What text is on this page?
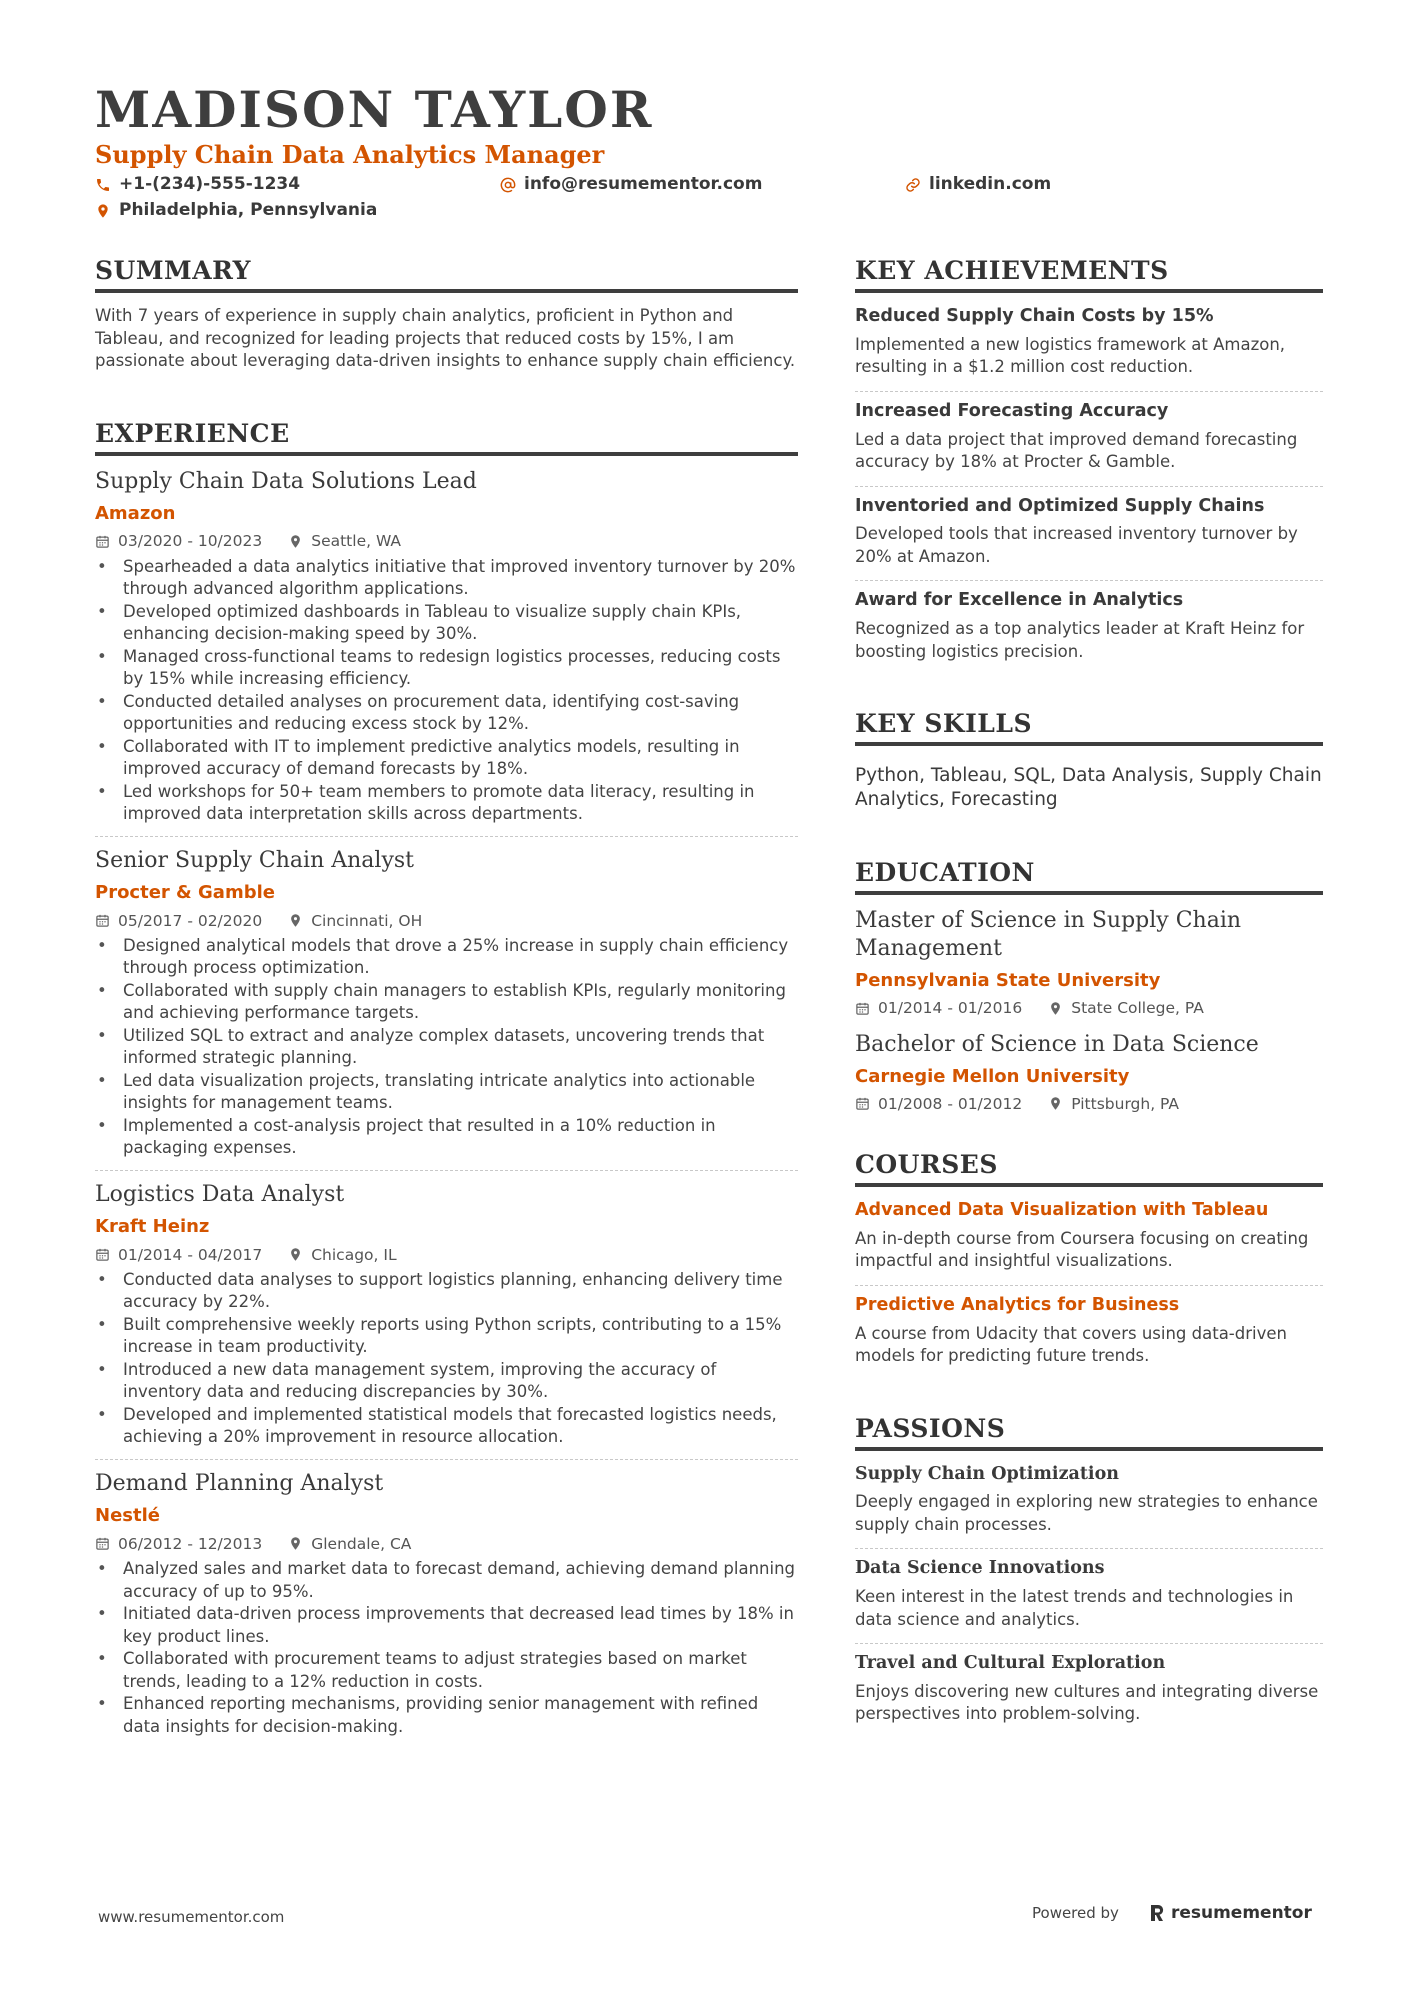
MADISON TAYLOR
Supply Chain Data Analytics Manager
+1-(234)-555-1234	info@resumementor.com	linkedin.com
Philadelphia, Pennsylvania
SUMMARY
With 7 years of experience in supply chain analytics, proficient in Python and Tableau, and recognized for leading projects that reduced costs by 15%, I am passionate about leveraging data-driven insights to enhance supply chain efficiency.
EXPERIENCE
Supply Chain Data Solutions Lead
Amazon
03/2020 - 10/2023	Seattle, WA
• Spearheaded a data analytics initiative that improved inventory turnover by 20% through advanced algorithm applications.
• Developed optimized dashboards in Tableau to visualize supply chain KPIs, enhancing decision-making speed by 30%.
• Managed cross-functional teams to redesign logistics processes, reducing costs by 15% while increasing efficiency.
• Conducted detailed analyses on procurement data, identifying cost-saving opportunities and reducing excess stock by 12%.
• Collaborated with IT to implement predictive analytics models, resulting in improved accuracy of demand forecasts by 18%.
• Led workshops for 50+ team members to promote data literacy, resulting in improved data interpretation skills across departments.
Senior Supply Chain Analyst
Procter & Gamble
05/2017 - 02/2020	Cincinnati, OH
• Designed analytical models that drove a 25% increase in supply chain efficiency through process optimization.
• Collaborated with supply chain managers to establish KPIs, regularly monitoring and achieving performance targets.
• Utilized SQL to extract and analyze complex datasets, uncovering trends that informed strategic planning.
• Led data visualization projects, translating intricate analytics into actionable insights for management teams.
• Implemented a cost-analysis project that resulted in a 10% reduction in packaging expenses.
Logistics Data Analyst
Kraft Heinz
01/2014 - 04/2017	Chicago, IL
• Conducted data analyses to support logistics planning, enhancing delivery time accuracy by 22%.
• Built comprehensive weekly reports using Python scripts, contributing to a 15% increase in team productivity.
• Introduced a new data management system, improving the accuracy of inventory data and reducing discrepancies by 30%.
• Developed and implemented statistical models that forecasted logistics needs, achieving a 20% improvement in resource allocation.
Demand Planning Analyst
Nestlé
06/2012 - 12/2013	Glendale, CA
• Analyzed sales and market data to forecast demand, achieving demand planning accuracy of up to 95%.
• Initiated data-driven process improvements that decreased lead times by 18% in key product lines.
• Collaborated with procurement teams to adjust strategies based on market trends, leading to a 12% reduction in costs.
• Enhanced reporting mechanisms, providing senior management with refined data insights for decision-making.
KEY ACHIEVEMENTS
Reduced Supply Chain Costs by 15%
Implemented a new logistics framework at Amazon, resulting in a $1.2 million cost reduction.
Increased Forecasting Accuracy
Led a data project that improved demand forecasting accuracy by 18% at Procter & Gamble.
Inventoried and Optimized Supply Chains
Developed tools that increased inventory turnover by 20% at Amazon.
Award for Excellence in Analytics
Recognized as a top analytics leader at Kraft Heinz for boosting logistics precision.
KEY SKILLS
Python, Tableau, SQL, Data Analysis, Supply Chain Analytics, Forecasting
EDUCATION
Master of Science in Supply Chain Management
Pennsylvania State University
01/2014 - 01/2016	State College, PA
Bachelor of Science in Data Science
Carnegie Mellon University
01/2008 - 01/2012	Pittsburgh, PA
COURSES
Advanced Data Visualization with Tableau
An in-depth course from Coursera focusing on creating impactful and insightful visualizations.
Predictive Analytics for Business
A course from Udacity that covers using data-driven models for predicting future trends.
PASSIONS
Supply Chain Optimization
Deeply engaged in exploring new strategies to enhance supply chain processes.
Data Science Innovations
Keen interest in the latest trends and technologies in data science and analytics.
Travel and Cultural Exploration
Enjoys discovering new cultures and integrating diverse perspectives into problem-solving.
www.resumementor.com	Powered by	resumementor
